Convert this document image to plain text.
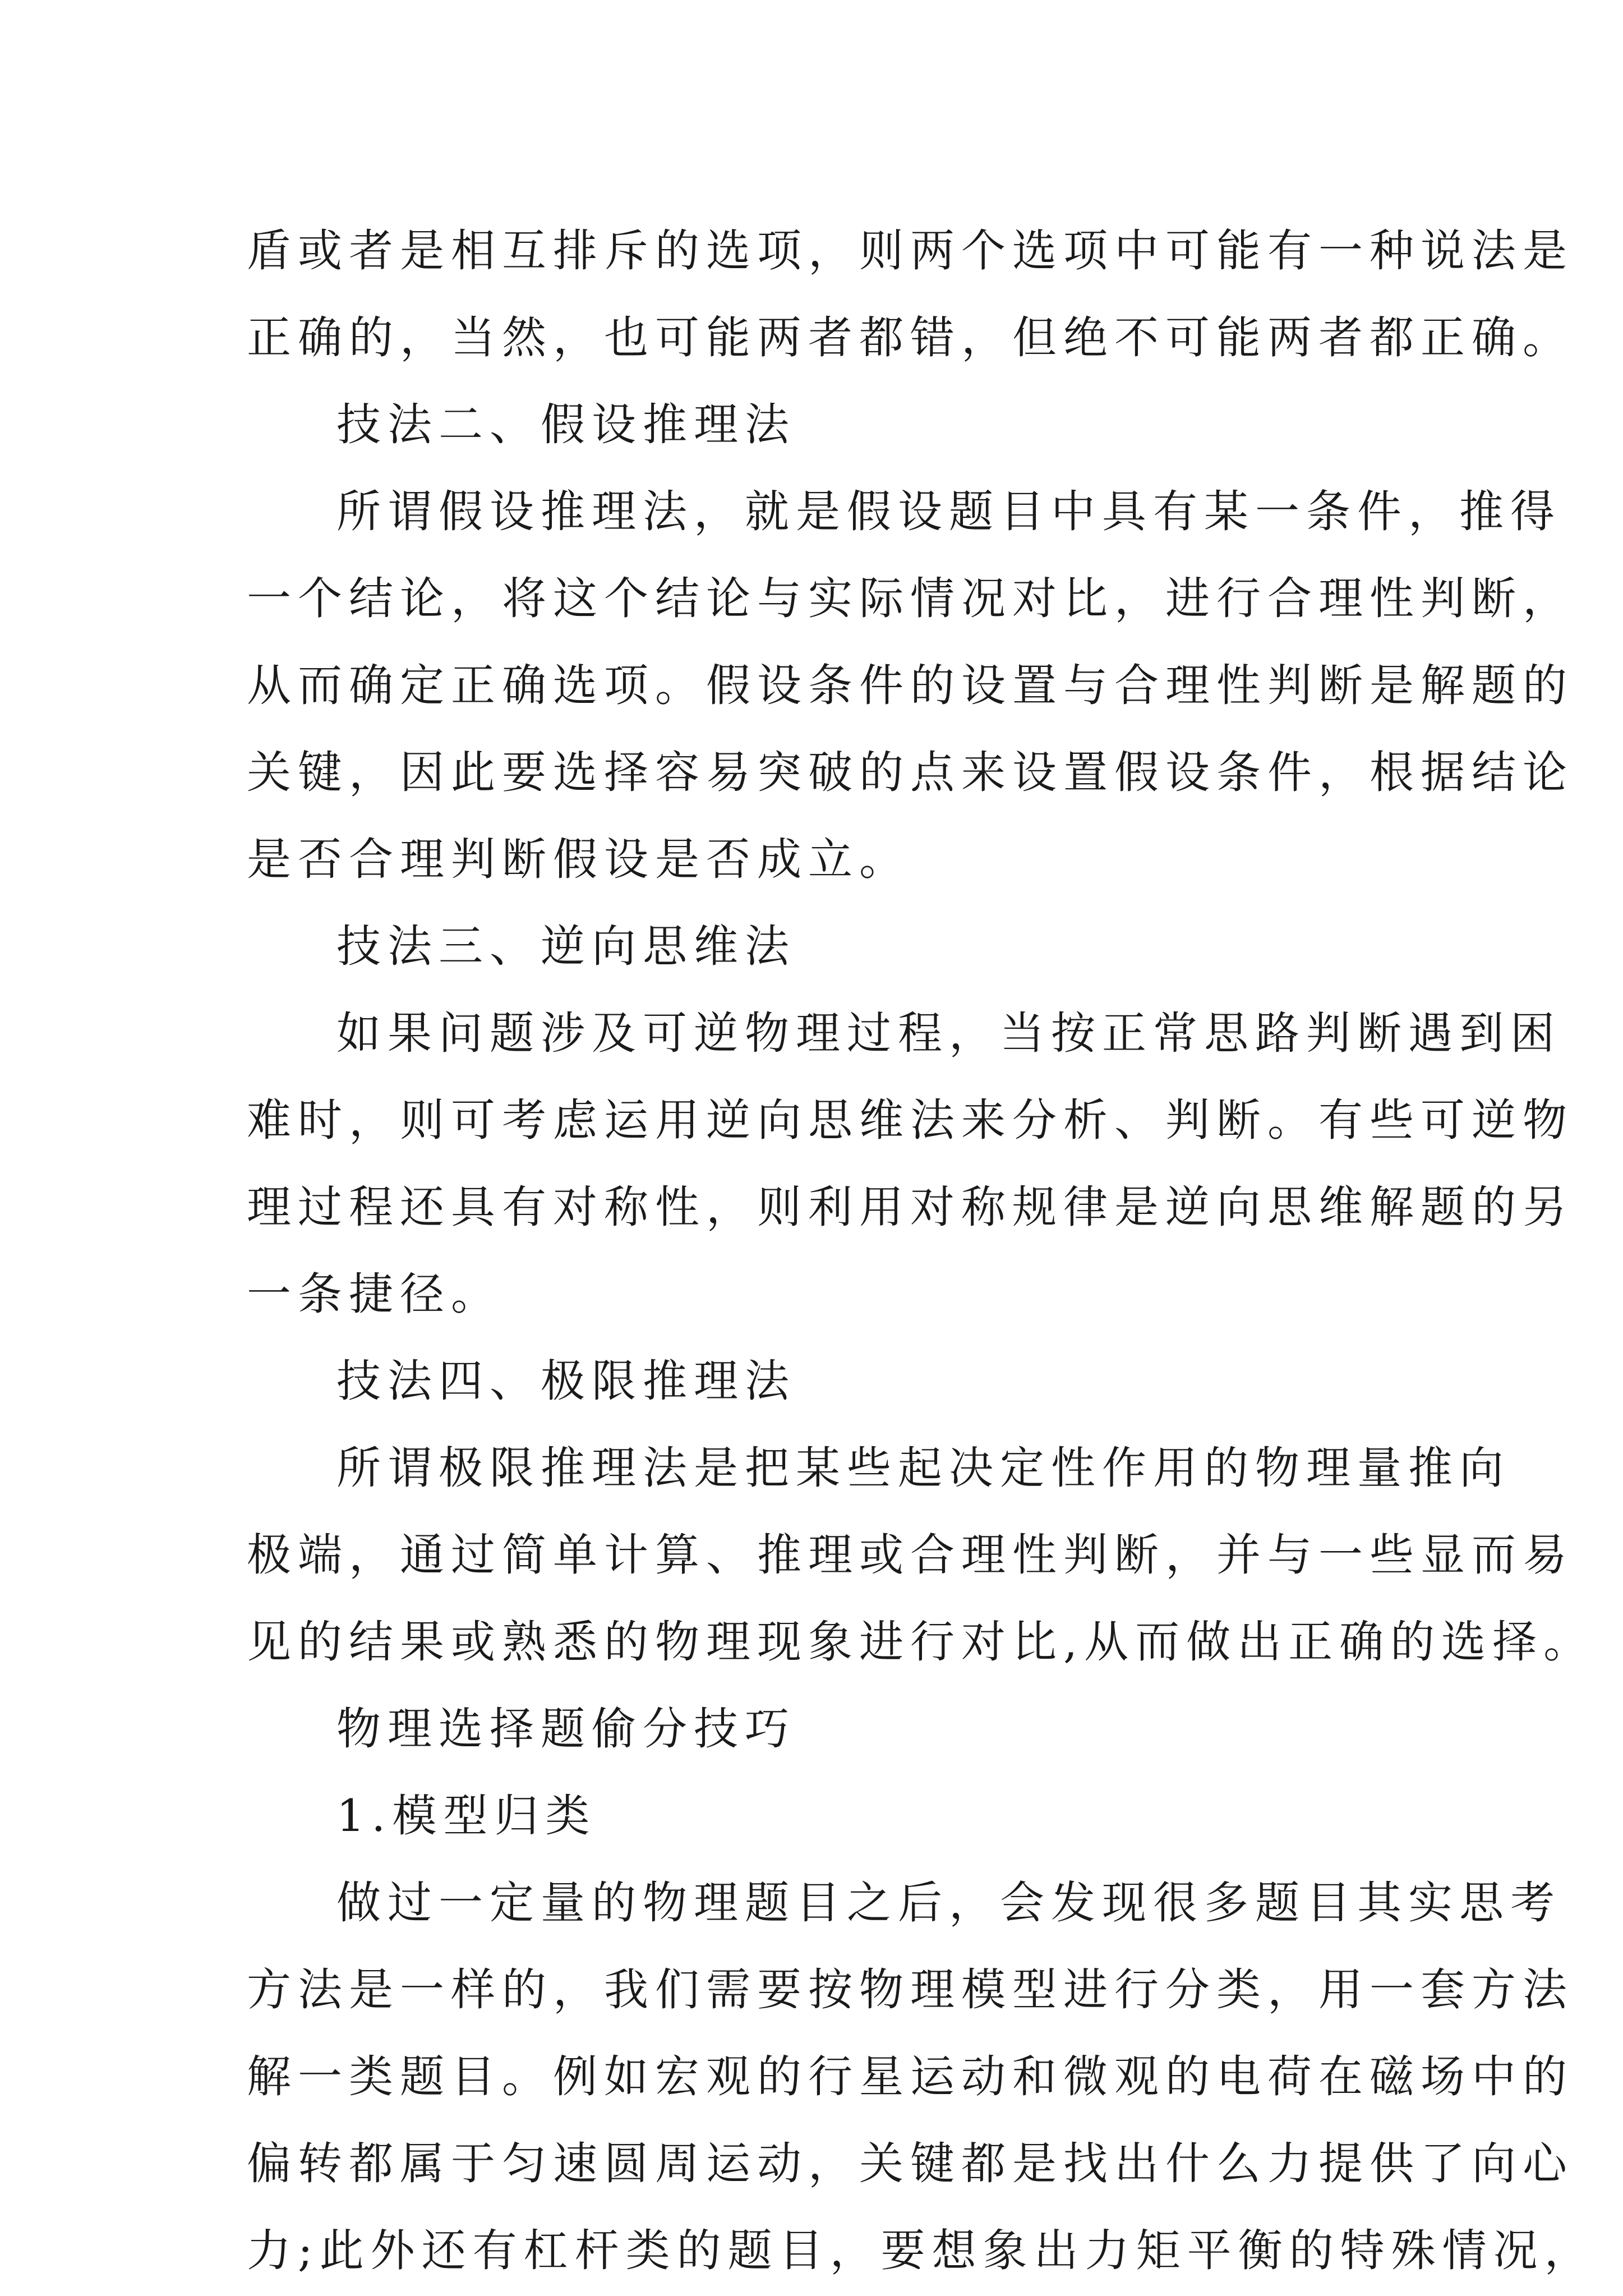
盾或者是相互排斥的选项，则两个选项中可能有一种说法是
正确的，当然，也可能两者都错，但绝不可能两者都正确。
技法二、假设推理法
所谓假设推理法，就是假设题目中具有某一条件，推得
一个结论，将这个结论与实际情况对比，进行合理性判断，
从而确定正确选项。假设条件的设置与合理性判断是解题的
关键，因此要选择容易突破的点来设置假设条件，根据结论
是否合理判断假设是否成立。
技法三、逆向思维法
如果问题涉及可逆物理过程，当按正常思路判断遇到困
难时，则可考虑运用逆向思维法来分析、判断。有些可逆物
理过程还具有对称性，则利用对称规律是逆向思维解题的另
一条捷径。
技法四、极限推理法
所谓极限推理法是把某些起决定性作用的物理量推向
极端，通过简单计算、推理或合理性判断，并与一些显而易
见的结果或熟悉的物理现象进行对比,从而做出正确的选择。
物理选择题偷分技巧
1.模型归类
做过一定量的物理题目之后，会发现很多题目其实思考
方法是一样的，我们需要按物理模型进行分类，用一套方法
解一类题目。例如宏观的行星运动和微观的电荷在磁场中的
偏转都属于匀速圆周运动，关键都是找出什么力提供了向心
力;此外还有杠杆类的题目，要想象出力矩平衡的特殊情况，
